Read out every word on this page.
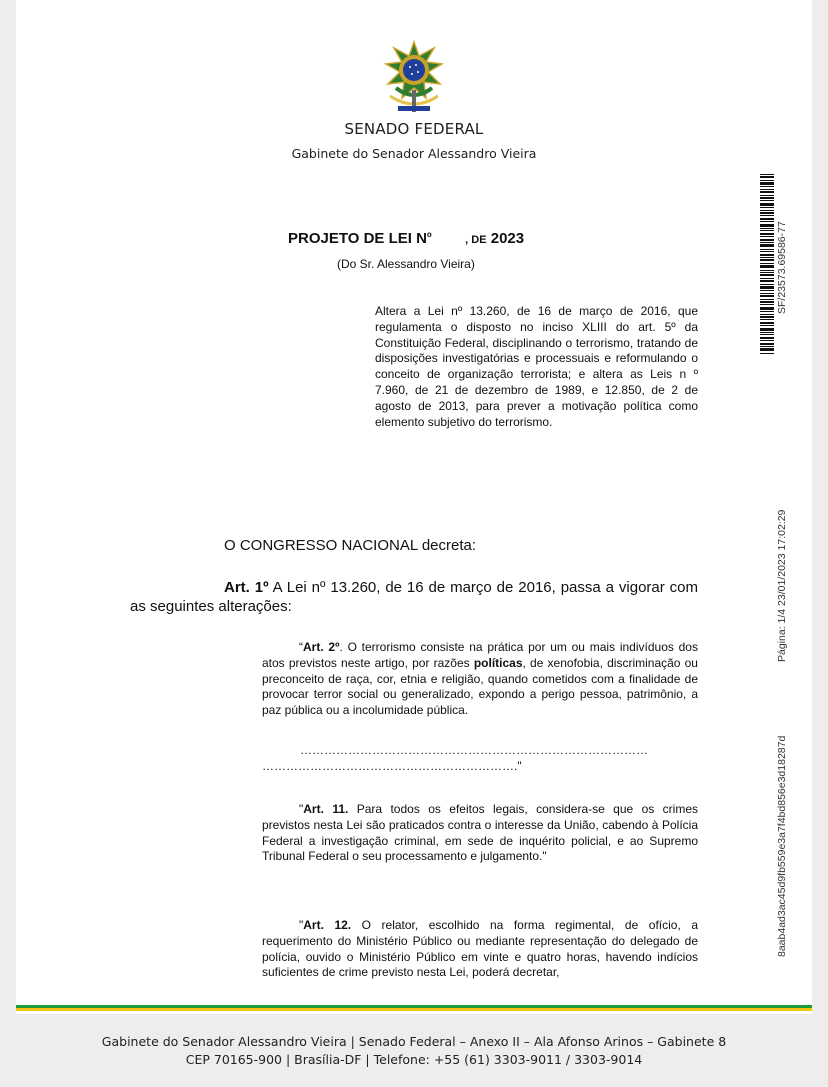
SENADO FEDERAL
Gabinete do Senador Alessandro Vieira
PROJETO DE LEI $N^o$	, DE 2023
(Do Sr. Alessandro Vieira)
Altera a Lei nº 13.260, de 16 de março de 2016, que regulamenta o disposto no inciso XLIII do art. 5º da Constituição Federal, disciplinando o terrorismo, tratando de disposições investigatórias e processuais e reformulando o conceito de organização terrorista; e altera as Leis n º 7.960, de 21 de dezembro de 1989, e 12.850, de 2 de agosto de 2013, para prever a motivação política como elemento subjetivo do terrorismo.
O CONGRESSO NACIONAL decreta:
Art. 1º A Lei nº 13.260, de 16 de março de 2016, passa a vigorar com as seguintes alterações:
“Art. 2º. O terrorismo consiste na prática por um ou mais indivíduos dos atos previstos neste artigo, por razões políticas, de xenofobia, discriminação ou preconceito de raça, cor, etnia e religião, quando cometidos com a finalidade de provocar terror social ou generalizado, expondo a perigo pessoa, patrimônio, a paz pública ou a incolumidade pública.
……………………………………………………………………………
………………………………………………………."
"Art. 11. Para todos os efeitos legais, considera-se que os crimes previstos nesta Lei são praticados contra o interesse da União, cabendo à Polícia Federal a investigação criminal, em sede de inquérito policial, e ao Supremo Tribunal Federal o seu processamento e julgamento."
"Art. 12. O relator, escolhido na forma regimental, de ofício, a requerimento do Ministério Público ou mediante representação do delegado de polícia, ouvido o Ministério Público em vinte e quatro horas, havendo indícios suficientes de crime previsto nesta Lei, poderá decretar,
SF/23573.69586-77
Página: 1/4 23/01/2023 17:02:29
8aab4ad3ac45d9fb559e3a7f4bd856e3d18287d
Gabinete do Senador Alessandro Vieira | Senado Federal – Anexo II – Ala Afonso Arinos – Gabinete 8
CEP 70165-900 | Brasília-DF | Telefone: +55 (61) 3303-9011 / 3303-9014
